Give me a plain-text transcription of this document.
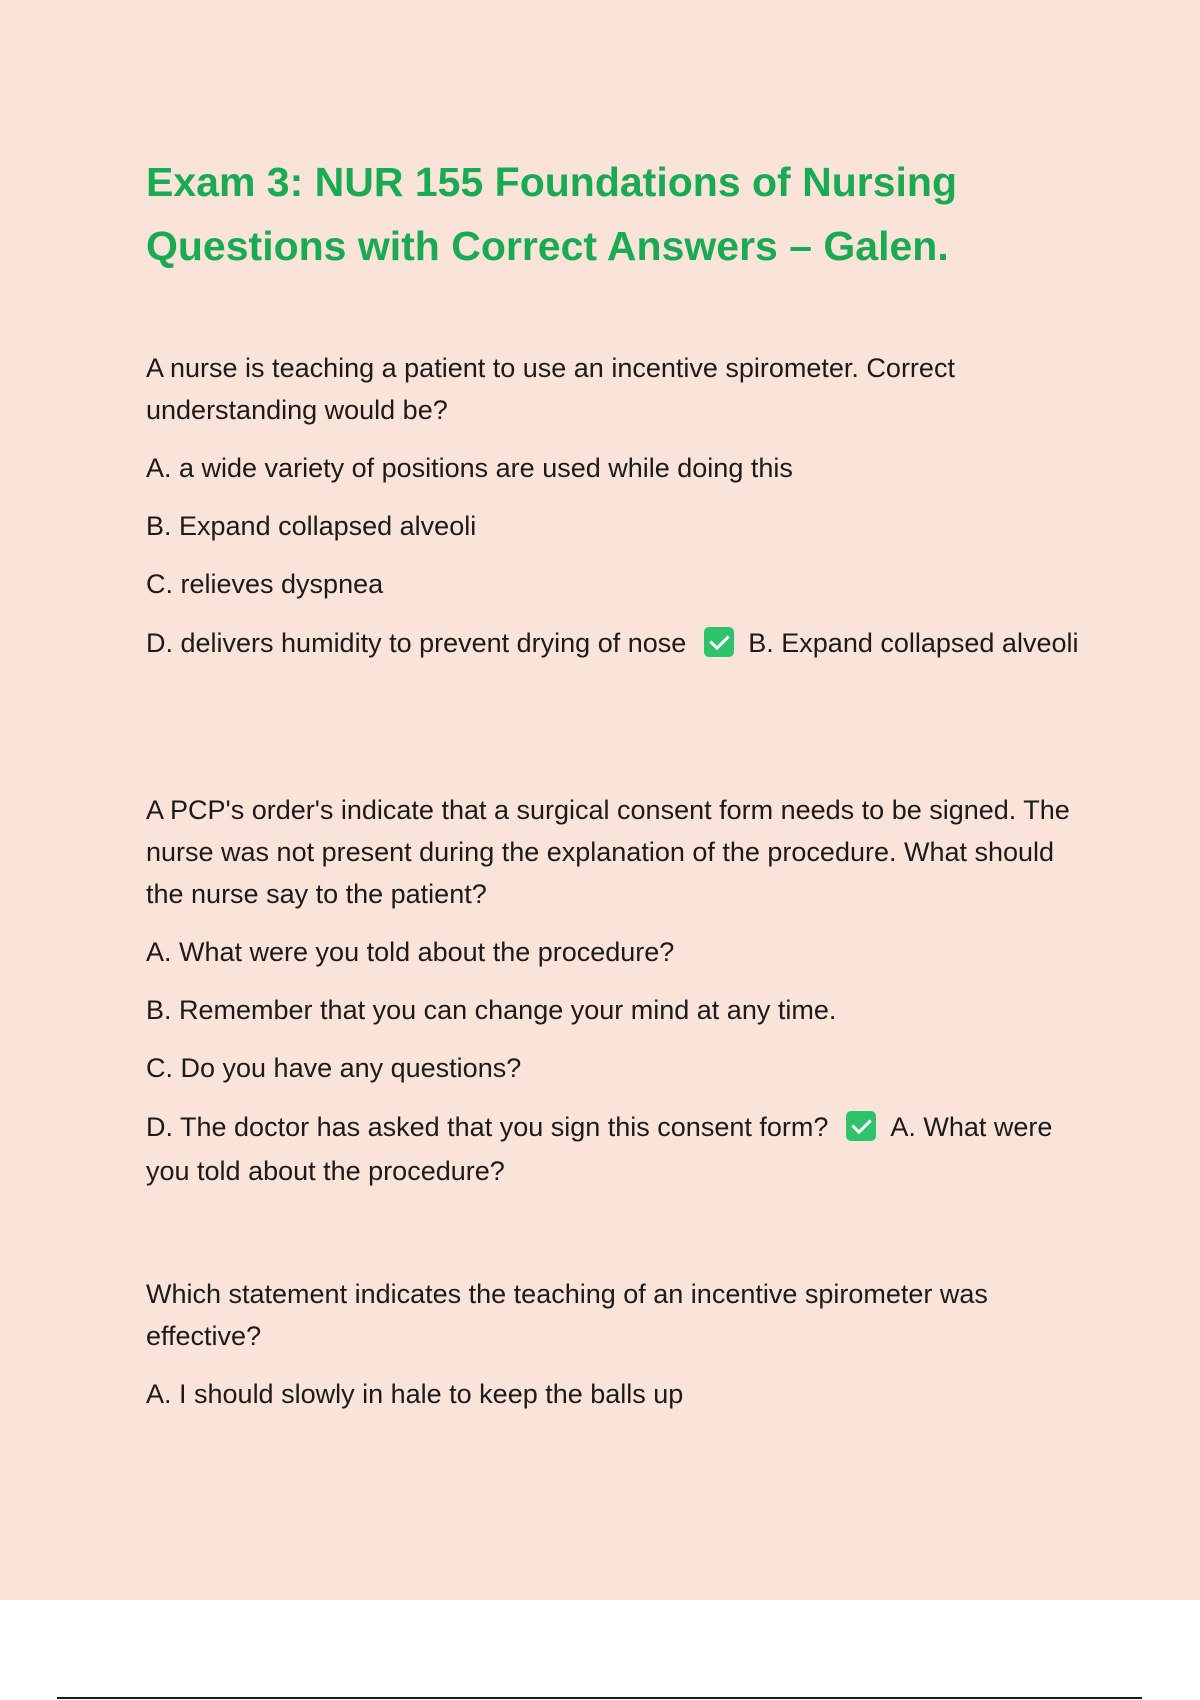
Exam 3: NUR 155 Foundations of Nursing
Questions with Correct Answers – Galen.

A nurse is teaching a patient to use an incentive spirometer. Correct understanding would be?

A. a wide variety of positions are used while doing this

B. Expand collapsed alveoli

C. relieves dyspnea

D. delivers humidity to prevent drying of nose B. Expand collapsed alveoli

A PCP's order's indicate that a surgical consent form needs to be signed. The nurse was not present during the explanation of the procedure. What should the nurse say to the patient?

A. What were you told about the procedure?

B. Remember that you can change your mind at any time.

C. Do you have any questions?

D. The doctor has asked that you sign this consent form? A. What were you told about the procedure?

Which statement indicates the teaching of an incentive spirometer was effective?

A. I should slowly in hale to keep the balls up
